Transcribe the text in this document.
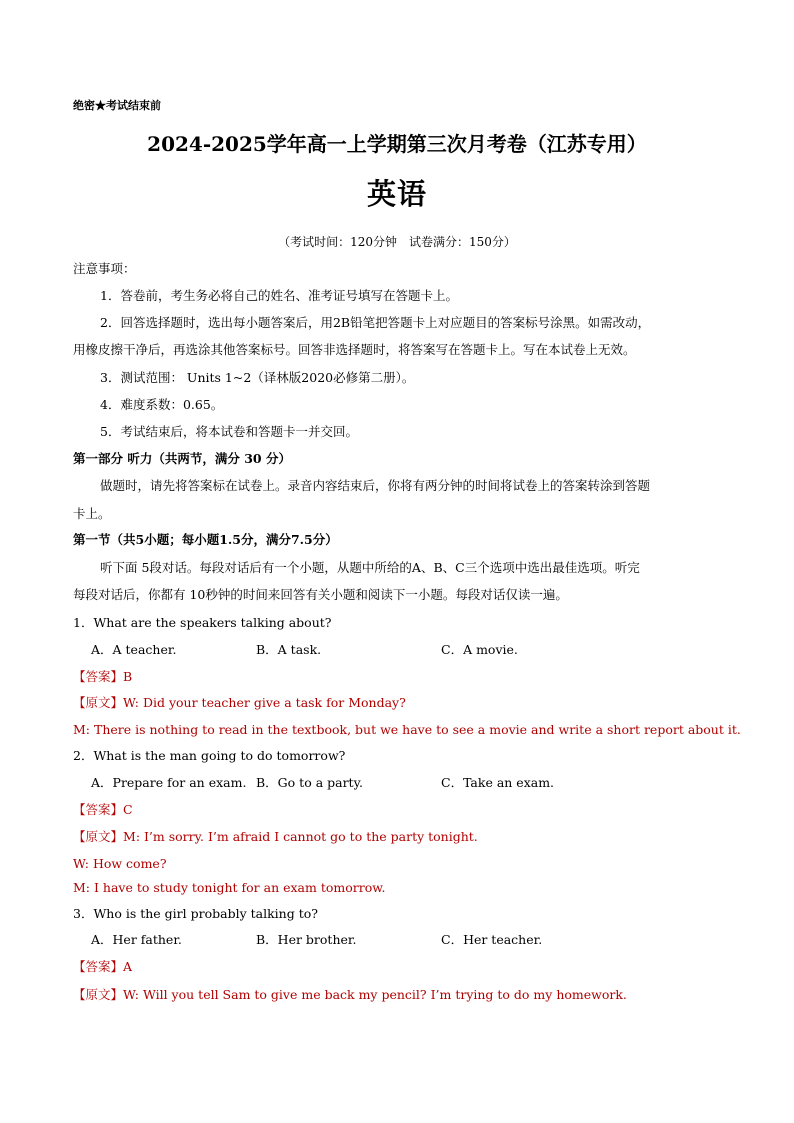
绝密★考试结束前
2024-2025学年高一上学期第三次月考卷（江苏专用）
英语
（考试时间：120分钟　试卷满分：150分）
注意事项：
1．答卷前，考生务必将自己的姓名、准考证号填写在答题卡上。
2．回答选择题时，选出每小题答案后，用2B铅笔把答题卡上对应题目的答案标号涂黑。如需改动，
用橡皮擦干净后，再选涂其他答案标号。回答非选择题时，将答案写在答题卡上。写在本试卷上无效。
3．测试范围： Units 1~2（译林版2020必修第二册）。
4．难度系数：0.65。
5．考试结束后，将本试卷和答题卡一并交回。
第一部分 听力（共两节，满分 30 分）
做题时，请先将答案标在试卷上。录音内容结束后，你将有两分钟的时间将试卷上的答案转涂到答题
卡上。
第一节（共5小题；每小题1.5分，满分7.5分）
听下面 5段对话。每段对话后有一个小题，从题中所给的A、B、C三个选项中选出最佳选项。听完
每段对话后，你都有 10秒钟的时间来回答有关小题和阅读下一小题。每段对话仅读一遍。
1．What are the speakers talking about?
A．A teacher.	B．A task.	C．A movie.
【答案】B
【原文】W: Did your teacher give a task for Monday?
M: There is nothing to read in the textbook, but we have to see a movie and write a short report about it.
2．What is the man going to do tomorrow?
A．Prepare for an exam. B．Go to a party.	C．Take an exam.
【答案】C
【原文】M: I’m sorry. I’m afraid I cannot go to the party tonight.
W: How come?
M: I have to study tonight for an exam tomorrow.
3．Who is the girl probably talking to?
A．Her father.	B．Her brother.	C．Her teacher.
【答案】A
【原文】W: Will you tell Sam to give me back my pencil? I’m trying to do my homework.
